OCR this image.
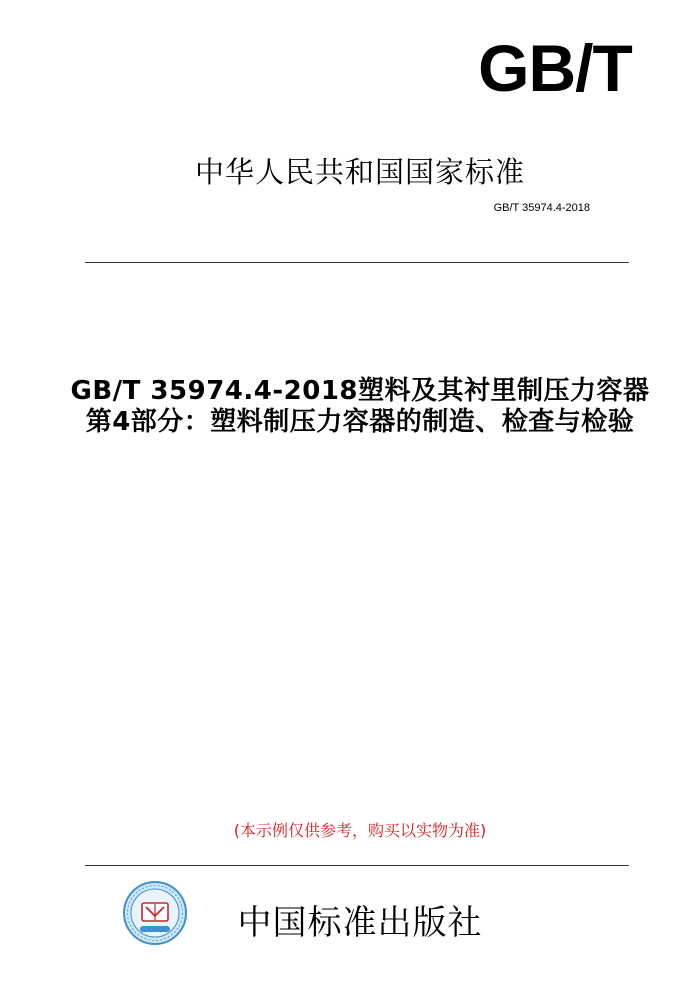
GB/T
中华人民共和国国家标准
GB/T 35974.4-2018
GB/T 35974.4-2018塑料及其衬里制压力容器第4部分：塑料制压力容器的制造、检查与检验
(本示例仅供参考，购买以实物为准)
中国标准出版社
